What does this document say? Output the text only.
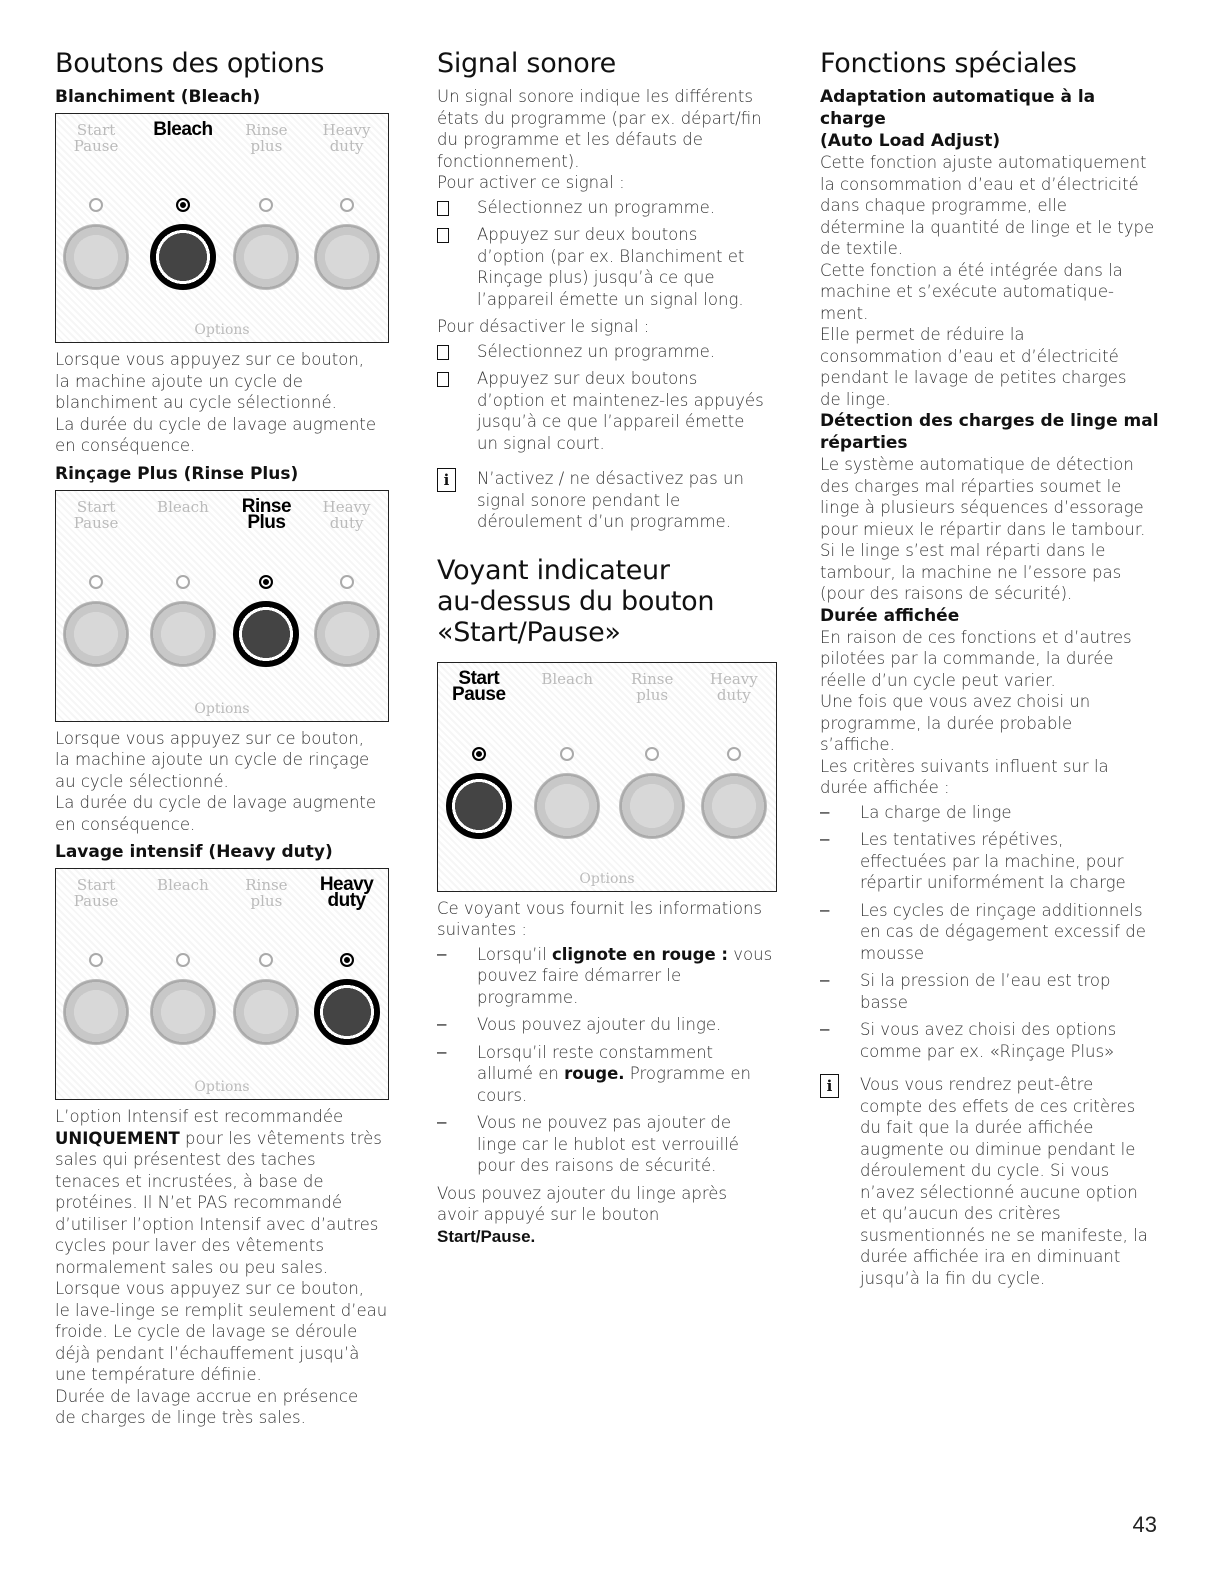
Boutons des options
Blanchiment (Bleach)
Start
Pause
Bleach	Rinse
plus
Heavy
duty
Options

Lorsque vous appuyez sur ce bouton,

la machine ajoute un cycle de

blanchiment au cycle sélectionné.

La durée du cycle de lavage augmente

en conséquence.

Rinçage Plus (Rinse Plus)
Start
Pause
Bleach	Rinse
Plus
Heavy
duty
Options

Lorsque vous appuyez sur ce bouton,

la machine ajoute un cycle de rinçage

au cycle sélectionné.

La durée du cycle de lavage augmente

en conséquence.

Lavage intensif (Heavy duty)
Start
Pause
Bleach	Rinse
plus
Heavy
duty
Options

L’option Intensif est recommandée

UNIQUEMENT pour les vêtements très

sales qui présentest des taches

tenaces et incrustées, à base de

protéines. Il N’et PAS recommandé

d’utiliser l’option Intensif avec d’autres

cycles pour laver des vêtements

normalement sales ou peu sales.

Lorsque vous appuyez sur ce bouton,

le lave-linge se remplit seulement d’eau

froide. Le cycle de lavage se déroule

déjà pendant l’échauffement jusqu’à

une température définie.

Durée de lavage accrue en présence

de charges de linge très sales.

Signal sonore

Un signal sonore indique les différents

états du programme (par ex. départ/fin

du programme et les défauts de

fonctionnement).

Pour activer ce signal :

Sélectionnez un programme.

Appuyez sur deux boutons

d’option (par ex. Blanchiment et

Rinçage plus) jusqu’à ce que

l’appareil émette un signal long.

Pour désactiver le signal :

Sélectionnez un programme.

Appuyez sur deux boutons

d’option et maintenez-les appuyés

jusqu’à ce que l’appareil émette

un signal court.

i	N’activez / ne désactivez pas un

signal sonore pendant le

déroulement d’un programme.

Voyant indicateur
au-dessus du bouton
«Start/Pause»
Start
Pause
Bleach	Rinse
plus
Heavy
duty
Options

Ce voyant vous fournit les informations

suivantes :

– Lorsqu’il clignote en rouge : vous

pouvez faire démarrer le

programme.

– Vous pouvez ajouter du linge.

– Lorsqu’il reste constamment

allumé en rouge. Programme en

cours.

– Vous ne pouvez pas ajouter de

linge car le hublot est verrouillé

pour des raisons de sécurité.

Vous pouvez ajouter du linge après

avoir appuyé sur le bouton

Start/Pause.

Fonctions spéciales
Adaptation automatique à la charge
(Auto Load Adjust)

Cette fonction ajuste automatiquement

la consommation d’eau et d’électricité

dans chaque programme, elle

détermine la quantité de linge et le type

de textile.

Cette fonction a été intégrée dans la

machine et s’exécute automatique-

ment.

Elle permet de réduire la

consommation d’eau et d’électricité

pendant le lavage de petites charges

de linge.

Détection des charges de linge mal
réparties

Le système automatique de détection

des charges mal réparties soumet le

linge à plusieurs séquences d’essorage

pour mieux le répartir dans le tambour.

Si le linge s’est mal réparti dans le

tambour, la machine ne l’essore pas

(pour des raisons de sécurité).

Durée affichée

En raison de ces fonctions et d’autres

pilotées par la commande, la durée

réelle d’un cycle peut varier.

Une fois que vous avez choisi un

programme, la durée probable

s’affiche.

Les critères suivants influent sur la

durée affichée :

– La charge de linge

– Les tentatives répétives,

effectuées par la machine, pour

répartir uniformément la charge

– Les cycles de rinçage additionnels

en cas de dégagement excessif de

mousse

– Si la pression de l’eau est trop

basse

– Si vous avez choisi des options

comme par ex. «Rinçage Plus»

i	Vous vous rendrez peut-être

compte des effets de ces critères

du fait que la durée affichée

augmente ou diminue pendant le

déroulement du cycle. Si vous

n’avez sélectionné aucune option

et qu’aucun des critères

susmentionnés ne se manifeste, la

durée affichée ira en diminuant

jusqu’à la fin du cycle.

43
